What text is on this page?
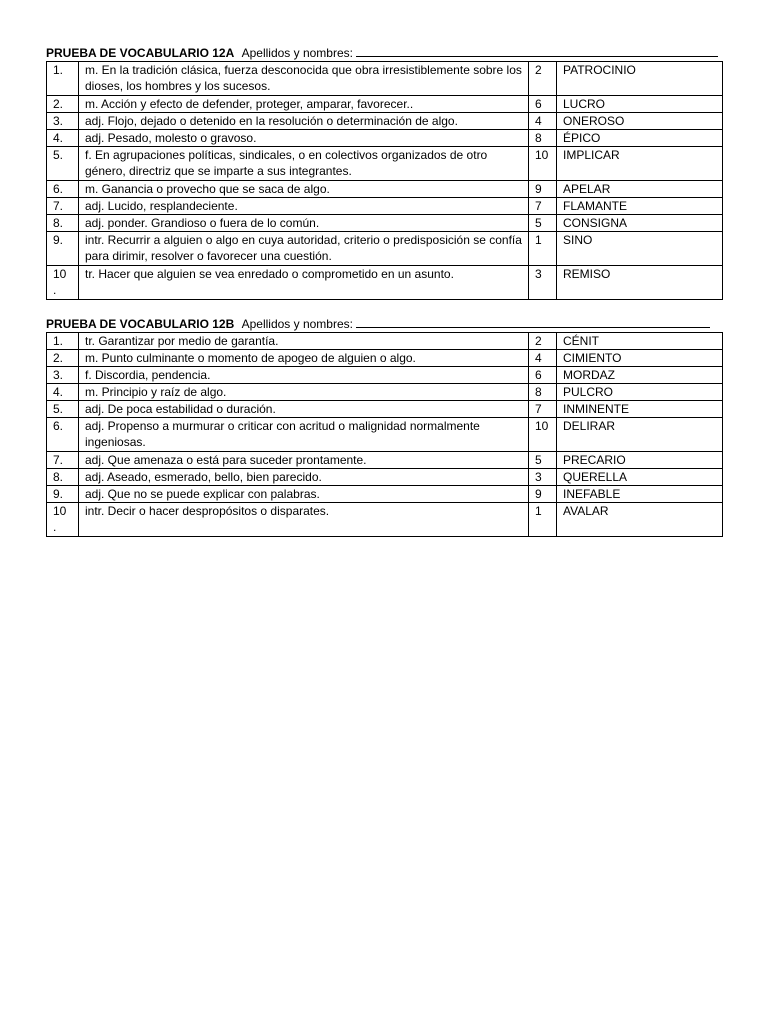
PRUEBA DE VOCABULARIO 12A Apellidos y nombres:
1.	m. En la tradición clásica, fuerza desconocida que obra irresistiblemente sobre los dioses, los hombres y los sucesos.	2	PATROCINIO
2.	m. Acción y efecto de defender, proteger, amparar, favorecer..	6	LUCRO
3.	adj. Flojo, dejado o detenido en la resolución o determinación de algo.	4	ONEROSO
4.	adj. Pesado, molesto o gravoso.	8	ÉPICO
5.	f. En agrupaciones políticas, sindicales, o en colectivos organizados de otro género, directriz que se imparte a sus integrantes.	10	IMPLICAR
6.	m. Ganancia o provecho que se saca de algo.	9	APELAR
7.	adj. Lucido, resplandeciente.	7	FLAMANTE
8.	adj. ponder. Grandioso o fuera de lo común.	5	CONSIGNA
9.	intr. Recurrir a alguien o algo en cuya autoridad, criterio o predisposición se confía para dirimir, resolver o favorecer una cuestión.	1	SINO
10 .	tr. Hacer que alguien se vea enredado o comprometido en un asunto.	3	REMISO
PRUEBA DE VOCABULARIO 12B Apellidos y nombres:
1.	tr. Garantizar por medio de garantía.	2	CÉNIT
2.	m. Punto culminante o momento de apogeo de alguien o algo.	4	CIMIENTO
3.	f. Discordia, pendencia.	6	MORDAZ
4.	m. Principio y raíz de algo.	8	PULCRO
5.	adj. De poca estabilidad o duración.	7	INMINENTE
6.	adj. Propenso a murmurar o criticar con acritud o malignidad normalmente ingeniosas.	10	DELIRAR
7.	adj. Que amenaza o está para suceder prontamente.	5	PRECARIO
8.	adj. Aseado, esmerado, bello, bien parecido.	3	QUERELLA
9.	adj. Que no se puede explicar con palabras.	9	INEFABLE
10 .	intr. Decir o hacer despropósitos o disparates.	1	AVALAR
